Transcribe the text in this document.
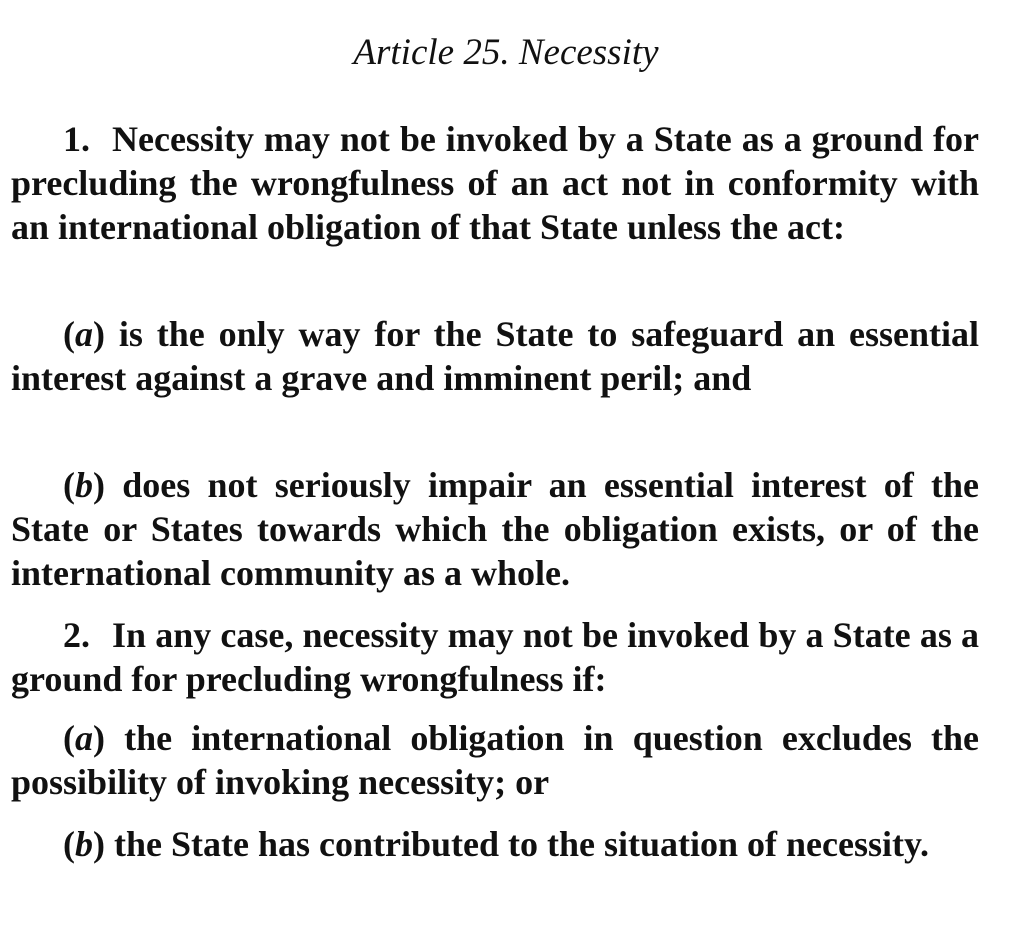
Article 25. Necessity

1. Necessity may not be invoked by a State as a ground for precluding the wrongfulness of an act not in conformity with an international obligation of that State unless the act:

(a) is the only way for the State to safeguard an essential interest against a grave and imminent peril; and

(b) does not seriously impair an essential interest of the State or States towards which the obligation exists, or of the international community as a whole.

2. In any case, necessity may not be invoked by a State as a ground for precluding wrongfulness if:

(a) the international obligation in question excludes the possibility of invoking necessity; or

(b) the State has contributed to the situation of necessity.
